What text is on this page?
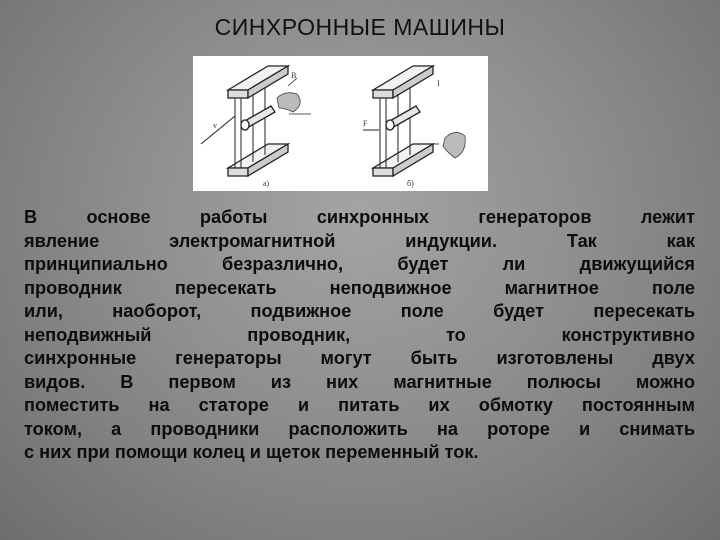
СИНХРОННЫЕ МАШИНЫ
а)	б)
B
v
I
F
В основе работы синхронных генераторов лежит
явление электромагнитной индукции. Так как
принципиально безразлично, будет ли движущийся
проводник пересекать неподвижное магнитное поле
или, наоборот, подвижное поле будет пересекать
неподвижный проводник, то конструктивно
синхронные генераторы могут быть изготовлены двух
видов. В первом из них магнитные полюсы можно
поместить на статоре и питать их обмотку постоянным
током, а проводники расположить на роторе и снимать
с них при помощи колец и щеток переменный ток.
